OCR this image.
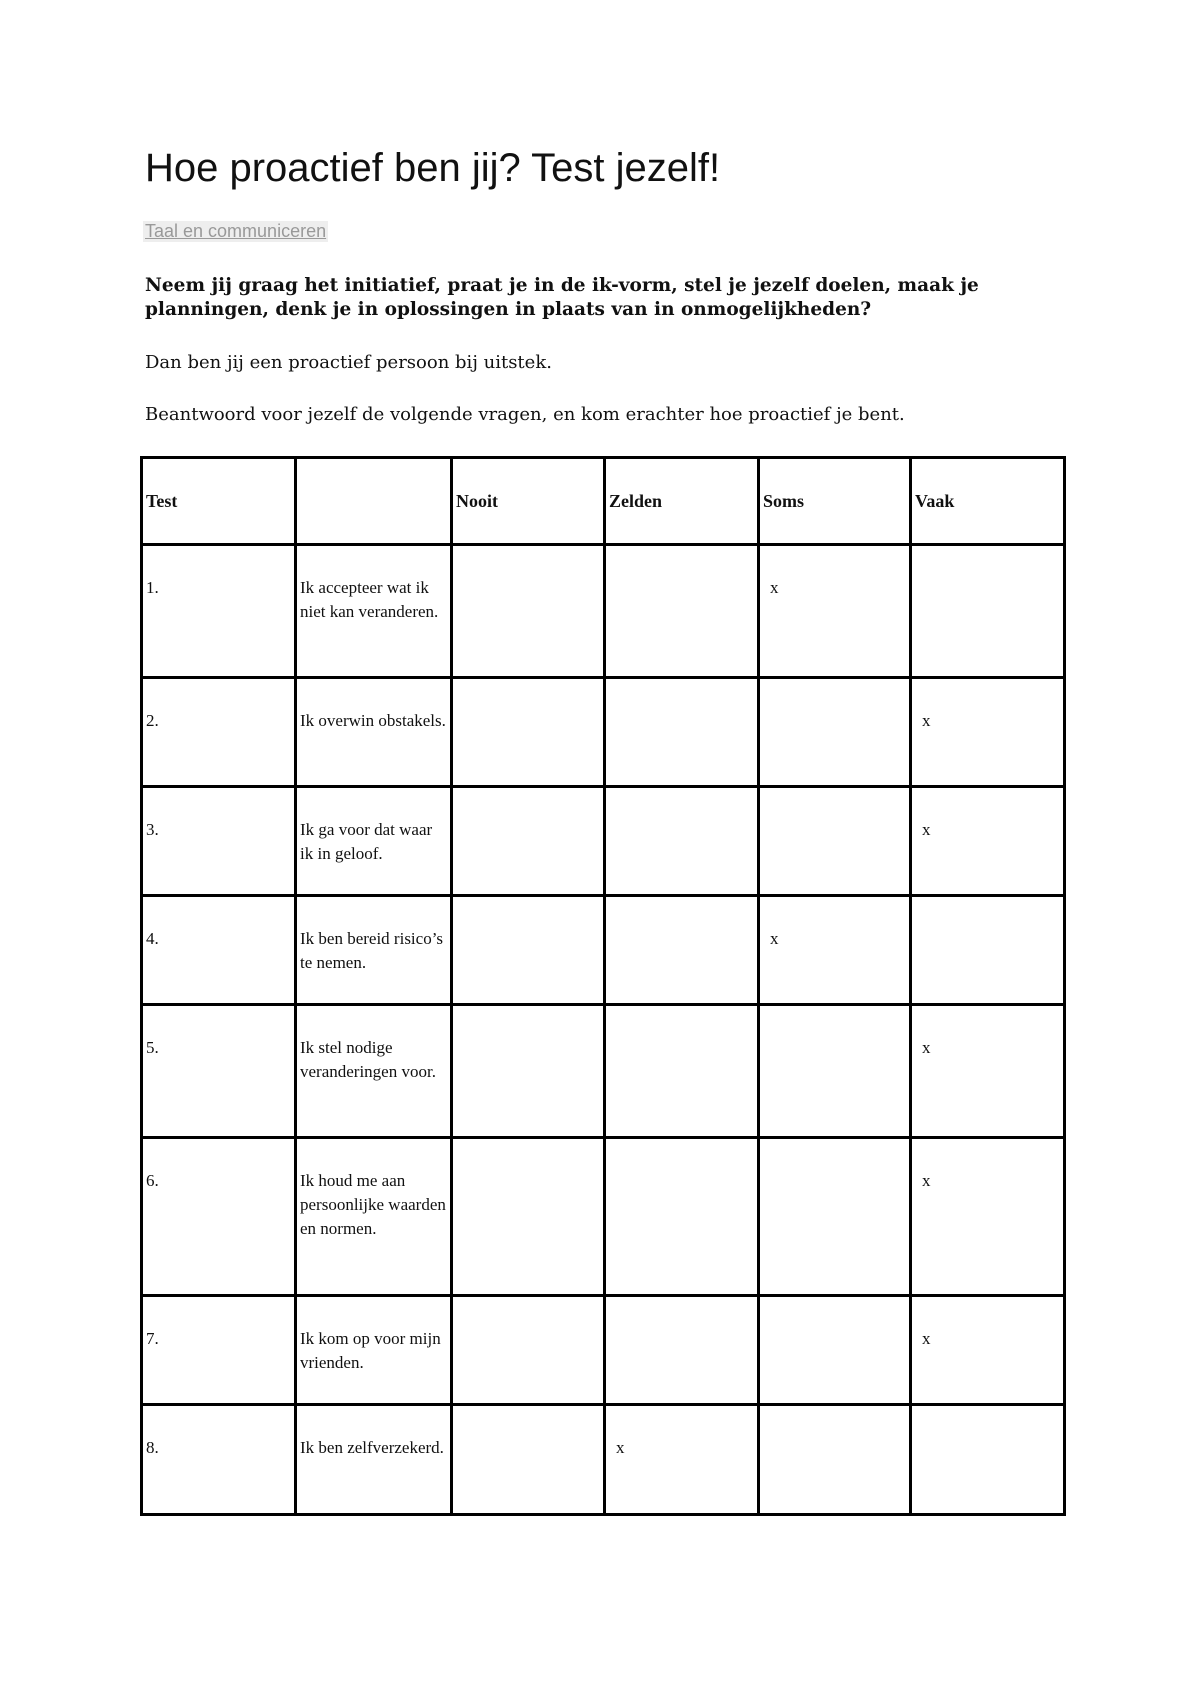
Hoe proactief ben jij? Test jezelf!
Taal en communiceren

Neem jij graag het initiatief, praat je in de ik-vorm, stel je jezelf doelen, maak je planningen, denk je in oplossingen in plaats van in onmogelijkheden?

Dan ben jij een proactief persoon bij uitstek.

Beantwoord voor jezelf de volgende vragen, en kom erachter hoe proactief je bent.

Test		Nooit	Zelden	Soms	Vaak
1.	Ik accepteer wat ik niet kan veranderen.			x	
2.	Ik overwin obstakels.				x
3.	Ik ga voor dat waar ik in geloof.				x
4.	Ik ben bereid risico’s te nemen.			x	
5.	Ik stel nodige veranderingen voor.				x
6.	Ik houd me aan persoonlijke waarden en normen.				x
7.	Ik kom op voor mijn vrienden.				x
8.	Ik ben zelfverzekerd.		x		
